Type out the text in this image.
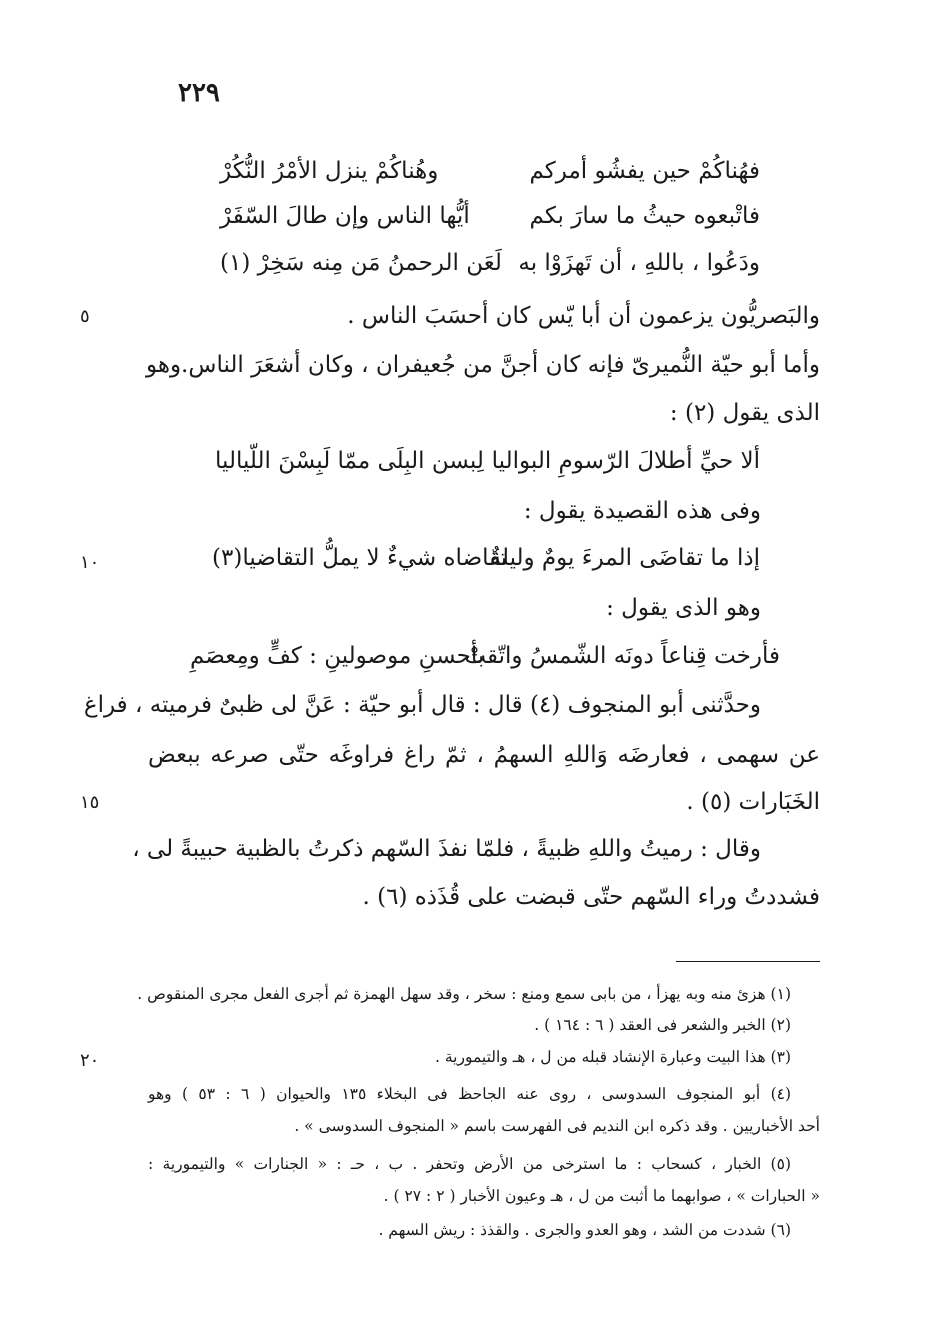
٢٢٩
٥
١٠
١٥
٢٠
فهُناكُمْ حين يفشُو أمركم
وهُناكُمْ ينزل الأمْرُ النُّكُرْ
فاتْبعوه حيثُ ما سارَ بكم
أيُّها الناس وإن طالَ السّفَرْ
ودَعُوا ، باللهِ ، أن تَهزَوْا به
لَعَن الرحمنُ مَن مِنه سَخِرْ (١)
والبَصريُّون يزعمون أن أبا يّس كان أحسَبَ الناس .
وأما أبو حيّة النُّميرىّ فإنه كان أجنَّ من جُعيفران ، وكان أشعَرَ الناس.وهو
الذى يقول (٢) :
ألا حيِّ أطلالَ الرّسومِ البواليا
لِبسن البِلَى ممّا لَبِسْنَ اللّياليا
وفى هذه القصيدة يقول :
إذا ما تقاضَى المرءَ يومٌ وليلةٌ
تقاضاه شيءٌ لا يملُّ التقاضيا(٣)
وهو الذى يقول :
فأرخت قِناعاً دونَه الشّمسُ واتّقتْ
بأحسنِ موصولينِ : كفٍّ ومِعصَمِ
وحدَّثنى أبو المنجوف (٤) قال : قال أبو حيّة : عَنَّ لى ظبىٌ فرميته ، فراغ
عن سهمى ، فعارضَه وَاللهِ السهمُ ، ثمّ راغ فراوغَه حتّى صرعه ببعض
الخَبَارات (٥) .
وقال : رميتُ واللهِ ظبيةً ، فلمّا نفذَ السّهم ذكرتُ بالظبية حبيبةً لى ،
فشددتُ وراء السّهم حتّى قبضت على قُذَذه (٦) .
(١) هزئ منه وبه يهزأ ، من بابى سمع ومنع : سخر ، وقد سهل الهمزة ثم أجرى الفعل مجرى المنقوص .
(٢) الخبر والشعر فى العقد ( ٦ : ١٦٤ ) .
(٣) هذا البيت وعبارة الإنشاد قبله من ل ، هـ والتيمورية .
(٤) أبو المنجوف السدوسى ، روى عنه الجاحظ فى البخلاء ١٣٥ والحيوان ( ٦ : ٥٣ ) وهو
أحد الأخباريين . وقد ذكره ابن النديم فى الفهرست باسم « المنجوف السدوسى » .
(٥) الخبار ، كسحاب : ما استرخى من الأرض وتحفر . ب ، حـ : « الجنارات » والتيمورية :
« الحبارات » ، صوابهما ما أثبت من ل ، هـ وعيون الأخبار ( ٢ : ٢٧ ) .
(٦) شددت من الشد ، وهو العدو والجرى . والقذذ : ريش السهم .
